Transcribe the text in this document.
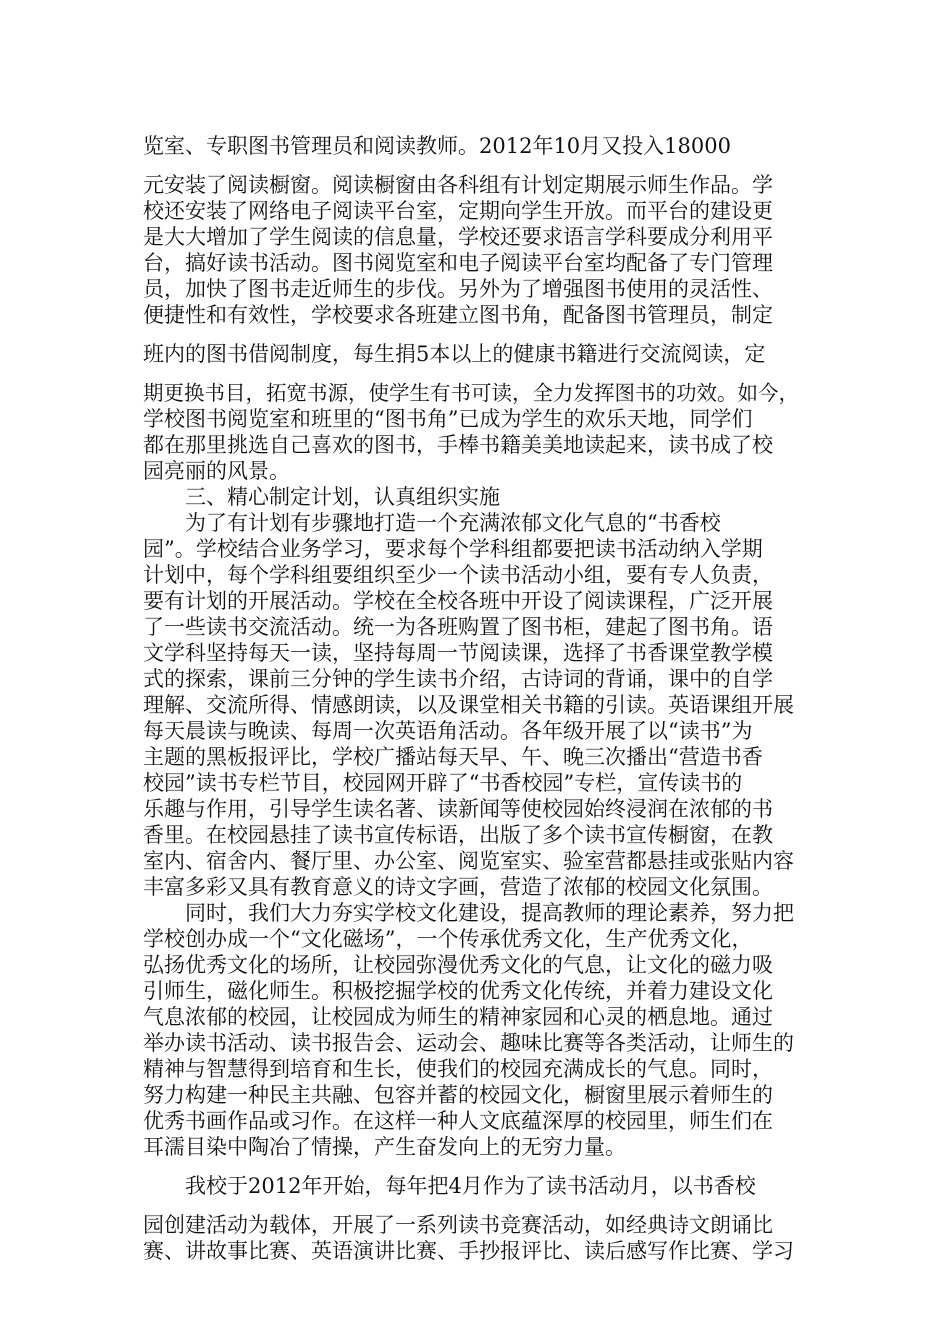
览室、专职图书管理员和阅读教师。2012年10月又投入18000
元安装了阅读橱窗。阅读橱窗由各科组有计划定期展示师生作品。学
校还安装了网络电子阅读平台室，定期向学生开放。而平台的建设更
是大大增加了学生阅读的信息量，学校还要求语言学科要成分利用平
台，搞好读书活动。图书阅览室和电子阅读平台室均配备了专门管理
员，加快了图书走近师生的步伐。另外为了增强图书使用的灵活性、
便捷性和有效性，学校要求各班建立图书角，配备图书管理员，制定
班内的图书借阅制度，每生捐5本以上的健康书籍进行交流阅读，定
期更换书目，拓宽书源，使学生有书可读，全力发挥图书的功效。如今，
学校图书阅览室和班里的“图书角”已成为学生的欢乐天地，同学们
都在那里挑选自己喜欢的图书，手棒书籍美美地读起来，读书成了校
园亮丽的风景。
三、精心制定计划，认真组织实施
为了有计划有步骤地打造一个充满浓郁文化气息的“书香校
园”。学校结合业务学习，要求每个学科组都要把读书活动纳入学期
计划中，每个学科组要组织至少一个读书活动小组，要有专人负责，
要有计划的开展活动。学校在全校各班中开设了阅读课程，广泛开展
了一些读书交流活动。统一为各班购置了图书柜，建起了图书角。语
文学科坚持每天一读，坚持每周一节阅读课，选择了书香课堂教学模
式的探索，课前三分钟的学生读书介绍，古诗词的背诵，课中的自学
理解、交流所得、情感朗读，以及课堂相关书籍的引读。英语课组开展
每天晨读与晚读、每周一次英语角活动。各年级开展了以“读书”为
主题的黑板报评比，学校广播站每天早、午、晚三次播出“营造书香
校园”读书专栏节目，校园网开辟了“书香校园”专栏，宣传读书的
乐趣与作用，引导学生读名著、读新闻等使校园始终浸润在浓郁的书
香里。在校园悬挂了读书宣传标语，出版了多个读书宣传橱窗，在教
室内、宿舍内、餐厅里、办公室、阅览室实、验室营都悬挂或张贴内容
丰富多彩又具有教育意义的诗文字画，营造了浓郁的校园文化氛围。
同时，我们大力夯实学校文化建设，提高教师的理论素养，努力把
学校创办成一个“文化磁场”，一个传承优秀文化，生产优秀文化，
弘扬优秀文化的场所，让校园弥漫优秀文化的气息，让文化的磁力吸
引师生，磁化师生。积极挖掘学校的优秀文化传统，并着力建设文化
气息浓郁的校园，让校园成为师生的精神家园和心灵的栖息地。通过
举办读书活动、读书报告会、运动会、趣味比赛等各类活动，让师生的
精神与智慧得到培育和生长，使我们的校园充满成长的气息。同时，
努力构建一种民主共融、包容并蓄的校园文化，橱窗里展示着师生的
优秀书画作品或习作。在这样一种人文底蕴深厚的校园里，师生们在
耳濡目染中陶冶了情操，产生奋发向上的无穷力量。
我校于2012年开始，每年把4月作为了读书活动月，以书香校
园创建活动为载体，开展了一系列读书竞赛活动，如经典诗文朗诵比
赛、讲故事比赛、英语演讲比赛、手抄报评比、读后感写作比赛、学习
